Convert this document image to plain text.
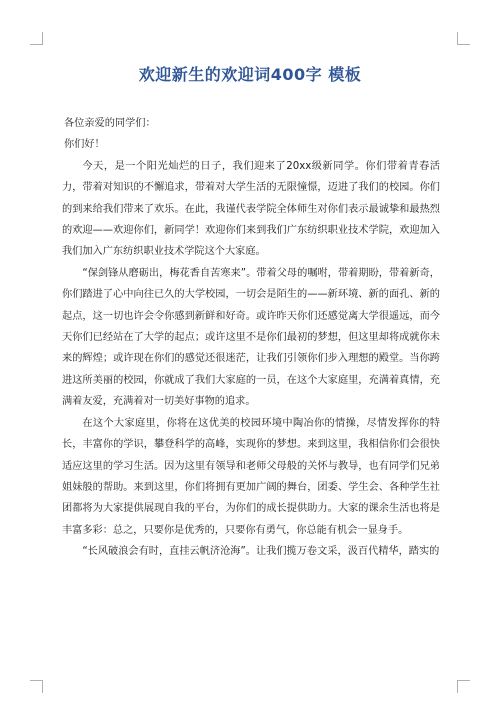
欢迎新生的欢迎词400字 模板

各位亲爱的同学们：

你们好！

今天，是一个阳光灿烂的日子，我们迎来了20xx级新同学。你们带着青春活力，带着对知识的不懈追求，带着对大学生活的无限憧憬，迈进了我们的校园。你们的到来给我们带来了欢乐。在此，我谨代表学院全体师生对你们表示最诚挚和最热烈的欢迎——欢迎你们，新同学！欢迎你们来到我们广东纺织职业技术学院，欢迎加入我们加入广东纺织职业技术学院这个大家庭。

“保剑锋从磨砺出，梅花香自苦寒来”。带着父母的嘱咐，带着期盼，带着新奇，你们踏进了心中向往已久的大学校园，一切会是陌生的——新环境、新的面孔、新的起点，这一切也许会令你感到新鲜和好奇。或许昨天你们还感觉离大学很遥远，而今天你们已经站在了大学的起点；或许这里不是你们最初的梦想，但这里却将成就你未来的辉煌；或许现在你们的感觉还很迷茫，让我们引领你们步入理想的殿堂。当你跨进这所美丽的校园，你就成了我们大家庭的一员，在这个大家庭里，充满着真情，充满着友爱，充满着对一切美好事物的追求。

在这个大家庭里，你将在这优美的校园环境中陶冶你的情操，尽情发挥你的特长，丰富你的学识，攀登科学的高峰，实现你的梦想。来到这里，我相信你们会很快适应这里的学习生活。因为这里有领导和老师父母般的关怀与教导，也有同学们兄弟姐妹般的帮助。来到这里，你们将拥有更加广阔的舞台，团委、学生会、各种学生社团都将为大家提供展现自我的平台，为你们的成长提供助力。大家的课余生活也将是丰富多彩：总之，只要你是优秀的，只要你有勇气，你总能有机会一显身手。

“长风破浪会有时，直挂云帆济沧海”。让我们揽万卷文采，汲百代精华，踏实的
